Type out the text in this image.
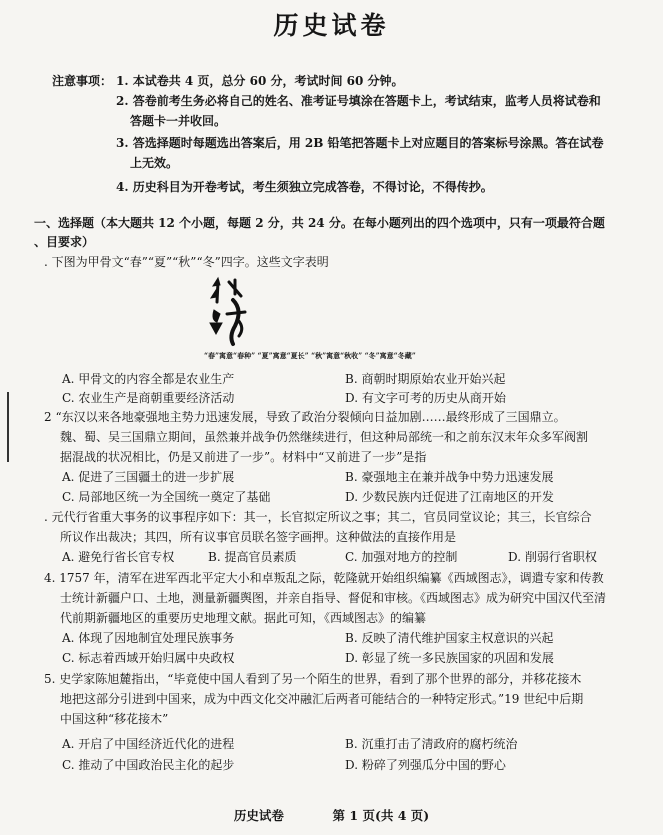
历史试卷
注意事项： 1. 本试卷共 4 页，总分 60 分，考试时间 60 分钟。
2. 答卷前考生务必将自己的姓名、准考证号填涂在答题卡上，考试结束，监考人员将试卷和
答题卡一并收回。
3. 答选择题时每题选出答案后，用 2B 铅笔把答题卡上对应题目的答案标号涂黑。答在试卷
上无效。
4. 历史科目为开卷考试，考生须独立完成答卷，不得讨论，不得传抄。
一、选择题（本大题共 12 个小题，每题 2 分，共 24 分。在每小题列出的四个选项中，只有一项最符合题
、目要求）
. 下图为甲骨文“春”“夏”“秋”“冬”四字。这些文字表明
“春”寓意“春种” “夏”寓意“夏长” “秋”寓意“秋收” “冬”寓意“冬藏”
A. 甲骨文的内容全都是农业生产	B. 商朝时期原始农业开始兴起
C. 农业生产是商朝重要经济活动	D. 有文字可考的历史从商开始
2 “东汉以来各地豪强地主势力迅速发展，导致了政治分裂倾向日益加剧……最终形成了三国鼎立。
魏、蜀、吴三国鼎立期间，虽然兼并战争仍然继续进行，但这种局部统一和之前东汉末年众多军阀割
据混战的状况相比，仍是又前进了一步”。材料中“又前进了一步”是指
A. 促进了三国疆土的进一步扩展	B. 豪强地主在兼并战争中势力迅速发展
C. 局部地区统一为全国统一奠定了基础	D. 少数民族内迁促进了江南地区的开发
. 元代行省重大事务的议事程序如下：其一，长官拟定所议之事；其二，官员同堂议论；其三，长官综合
所议作出裁决；其四，所有议事官员联名签字画押。这种做法的直接作用是
A. 避免行省长官专权	B. 提高官员素质	C. 加强对地方的控制	D. 削弱行省职权
4. 1757 年，清军在进军西北平定大小和卓叛乱之际，乾隆就开始组织编纂《西域图志》，调遣专家和传教
士统计新疆户口、土地，测量新疆舆图，并亲自指导、督促和审核。《西域图志》成为研究中国汉代至清
代前期新疆地区的重要历史地理文献。据此可知，《西域图志》的编纂
A. 体现了因地制宜处理民族事务	B. 反映了清代维护国家主权意识的兴起
C. 标志着西域开始归属中央政权	D. 彰显了统一多民族国家的巩固和发展
5. 史学家陈旭麓指出，“毕竟使中国人看到了另一个陌生的世界，看到了那个世界的部分，并移花接木
地把这部分引进到中国来，成为中西文化交冲融汇后两者可能结合的一种特定形式。”19 世纪中后期
中国这种“移花接木”
A. 开启了中国经济近代化的进程	B. 沉重打击了清政府的腐朽统治
C. 推动了中国政治民主化的起步	D. 粉碎了列强瓜分中国的野心
历史试卷	第 1 页(共 4 页)
